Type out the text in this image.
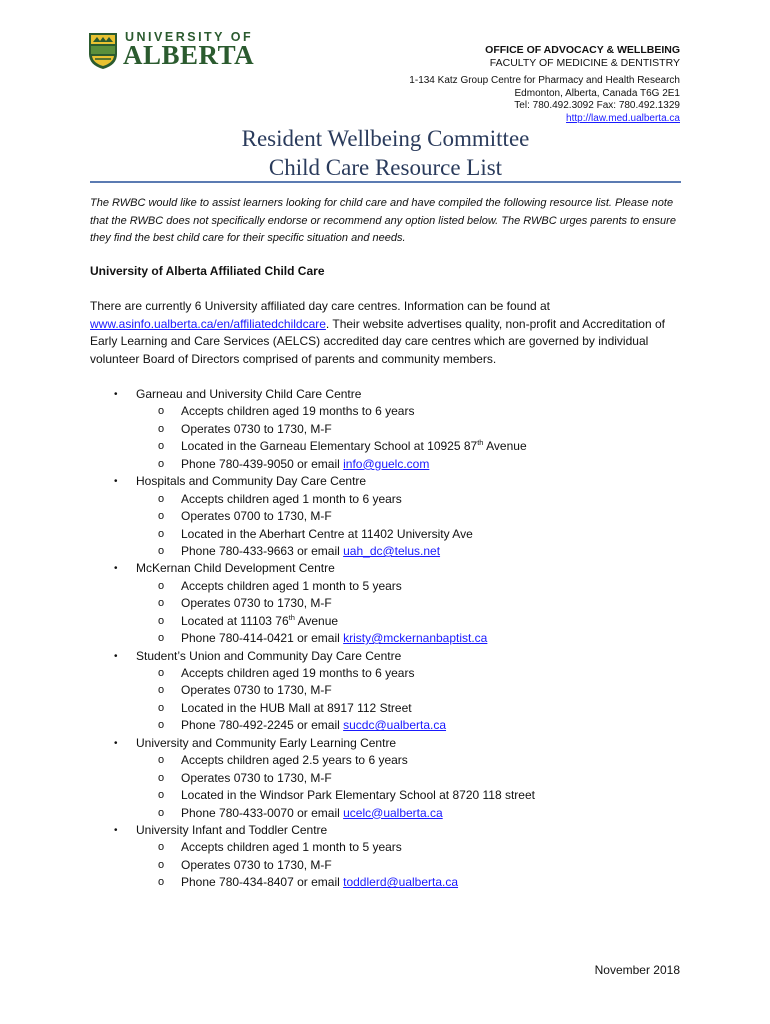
UNIVERSITY OF
ALBERTA	OFFICE OF ADVOCACY & WELLBEING
FACULTY OF MEDICINE & DENTISTRY
1-134 Katz Group Centre for Pharmacy and Health Research
Edmonton, Alberta, Canada T6G 2E1
Tel: 780.492.3092 Fax: 780.492.1329
http://law.med.ualberta.ca
Resident Wellbeing Committee
Child Care Resource List
The RWBC would like to assist learners looking for child care and have compiled the following resource list. Please note that the RWBC does not specifically endorse or recommend any option listed below. The RWBC urges parents to ensure they find the best child care for their specific situation and needs.
University of Alberta Affiliated Child Care
There are currently 6 University affiliated day care centres. Information can be found at www.asinfo.ualberta.ca/en/affiliatedchildcare. Their website advertises quality, non-profit and Accreditation of Early Learning and Care Services (AELCS) accredited day care centres which are governed by individual volunteer Board of Directors comprised of parents and community members.
• Garneau and University Child Care Centre
o Accepts children aged 19 months to 6 years
o Operates 0730 to 1730, M-F
o Located in the Garneau Elementary School at 10925 87th Avenue
o Phone 780-439-9050 or email info@guelc.com
• Hospitals and Community Day Care Centre
o Accepts children aged 1 month to 6 years
o Operates 0700 to 1730, M-F
o Located in the Aberhart Centre at 11402 University Ave
o Phone 780-433-9663 or email uah_dc@telus.net
• McKernan Child Development Centre
o Accepts children aged 1 month to 5 years
o Operates 0730 to 1730, M-F
o Located at 11103 76th Avenue
o Phone 780-414-0421 or email kristy@mckernanbaptist.ca
• Student’s Union and Community Day Care Centre
o Accepts children aged 19 months to 6 years
o Operates 0730 to 1730, M-F
o Located in the HUB Mall at 8917 112 Street
o Phone 780-492-2245 or email sucdc@ualberta.ca
• University and Community Early Learning Centre
o Accepts children aged 2.5 years to 6 years
o Operates 0730 to 1730, M-F
o Located in the Windsor Park Elementary School at 8720 118 street
o Phone 780-433-0070 or email ucelc@ualberta.ca
• University Infant and Toddler Centre
o Accepts children aged 1 month to 5 years
o Operates 0730 to 1730, M-F
o Phone 780-434-8407 or email toddlerd@ualberta.ca
November 2018
